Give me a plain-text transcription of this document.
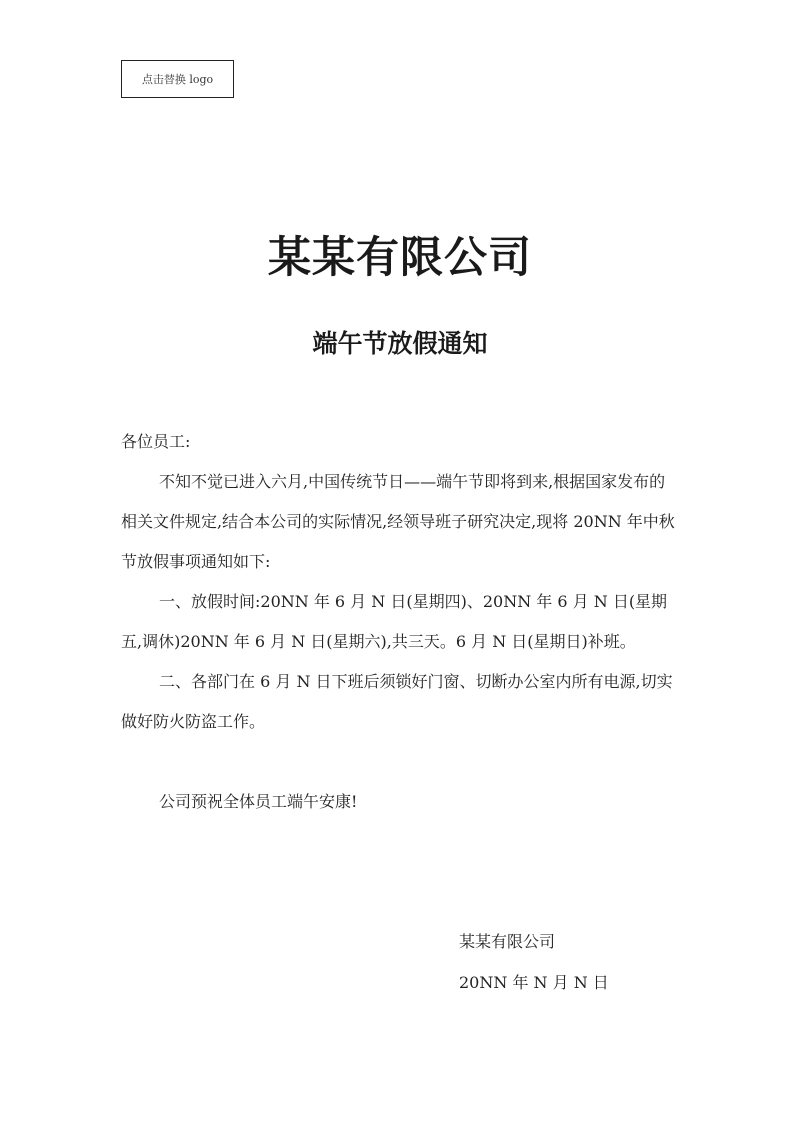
点击替换 logo
某某有限公司
端午节放假通知

各位员工:

不知不觉已进入六月,中国传统节日——端午节即将到来,根据国家发布的相关文件规定,结合本公司的实际情况,经领导班子研究决定,现将 20NN 年中秋节放假事项通知如下:

一、放假时间:20NN 年 6 月 N 日(星期四)、20NN 年 6 月 N 日(星期五,调休)20NN 年 6 月 N 日(星期六),共三天。6 月 N 日(星期日)补班。

二、各部门在 6 月 N 日下班后须锁好门窗、切断办公室内所有电源,切实做好防火防盗工作。

公司预祝全体员工端午安康!

某某有限公司
20NN 年 N 月 N 日
